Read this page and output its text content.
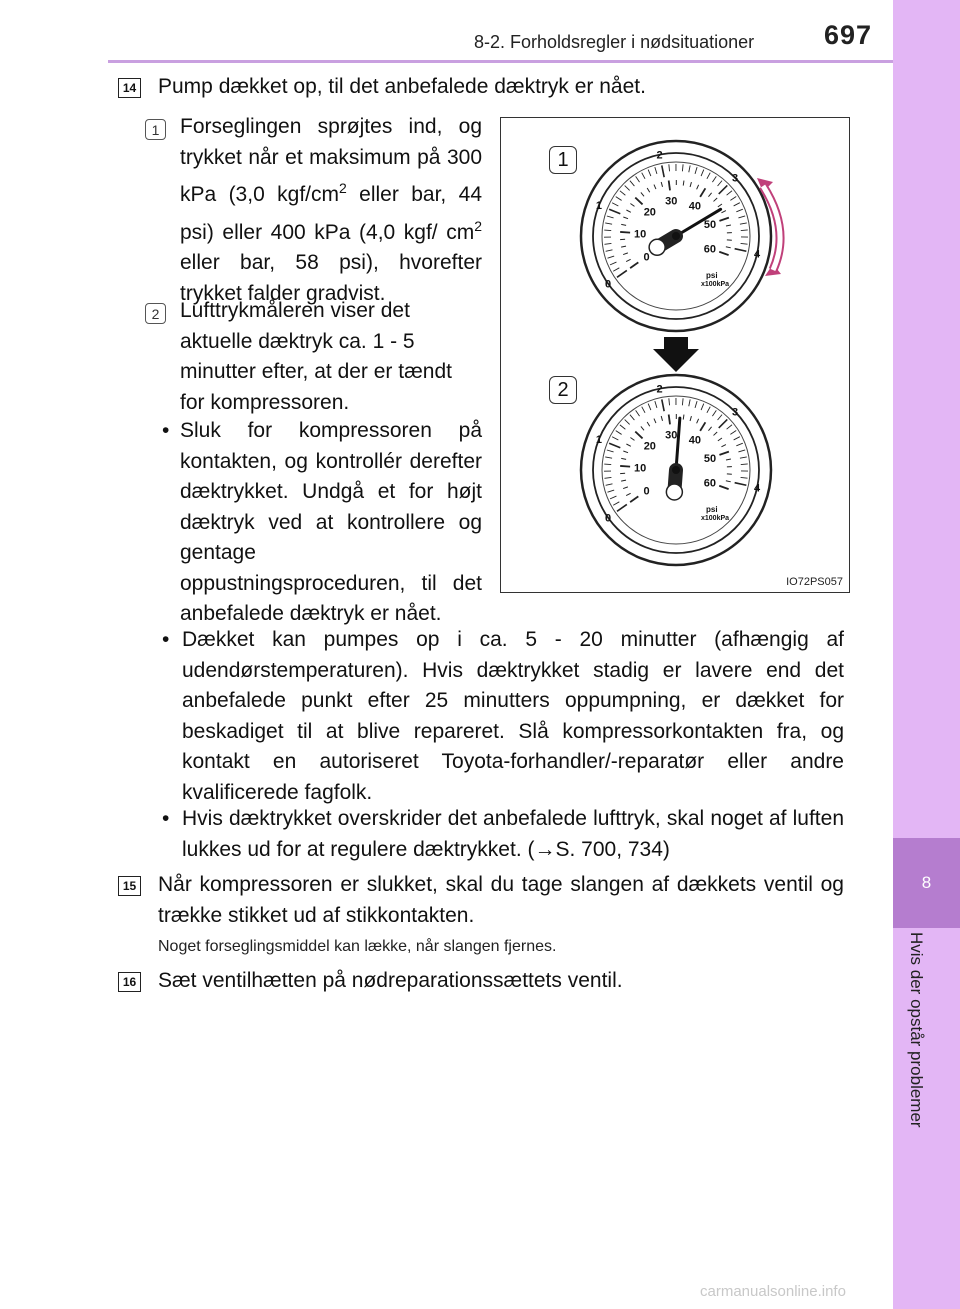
8-2. Forholdsregler i nødsituationer	697
8
Hvis der opstår problemer
14 Pump dækket op, til det anbefalede dæktryk er nået.
1 Forseglingen sprøjtes ind, og trykket når et maksimum på 300 kPa (3,0 kgf/$cm^2$ eller bar, 44 psi) eller 400 kPa (4,0 kgf/ $cm^2$ eller bar, 58 psi), hvorefter trykket falder gradvist.
2 Lufttrykmåleren viser det aktuelle dæktryk ca. 1 - 5 minutter efter, at der er tændt for kompressoren.
• Sluk for kompressoren på kontakten, og kontrollér derefter dæktrykket. Undgå et for højt dæktryk ved at kontrollere og gentage oppustningsproceduren, til det anbefalede dæktryk er nået.
• Dækket kan pumpes op i ca. 5 - 20 minutter (afhængig af udendørstemperaturen). Hvis dæktrykket stadig er lavere end det anbefalede punkt efter 25 minutters oppumpning, er dækket for beskadiget til at blive repareret. Slå kompressorkontakten fra, og kontakt en autoriseret Toyota-forhandler/-reparatør eller andre kvalificerede fagfolk.
• Hvis dæktrykket overskrider det anbefalede lufttryk, skal noget af luften lukkes ud for at regulere dæktrykket. (→S. 700, 734)
15 Når kompressoren er slukket, skal du tage slangen af dækkets ventil og trække stikket ud af stikkontakten.
Noget forseglingsmiddel kan lække, når slangen fjernes.
16 Sæt ventilhætten på nødreparationssættets ventil.
0
10
20
30 40
50
60
0
1
2
3
4
psi
x100kPa
0
10
20
30 40
50
60
0
1
2
3
4
psi
x100kPa
1
2
IO72PS057
carmanualsonline.info
